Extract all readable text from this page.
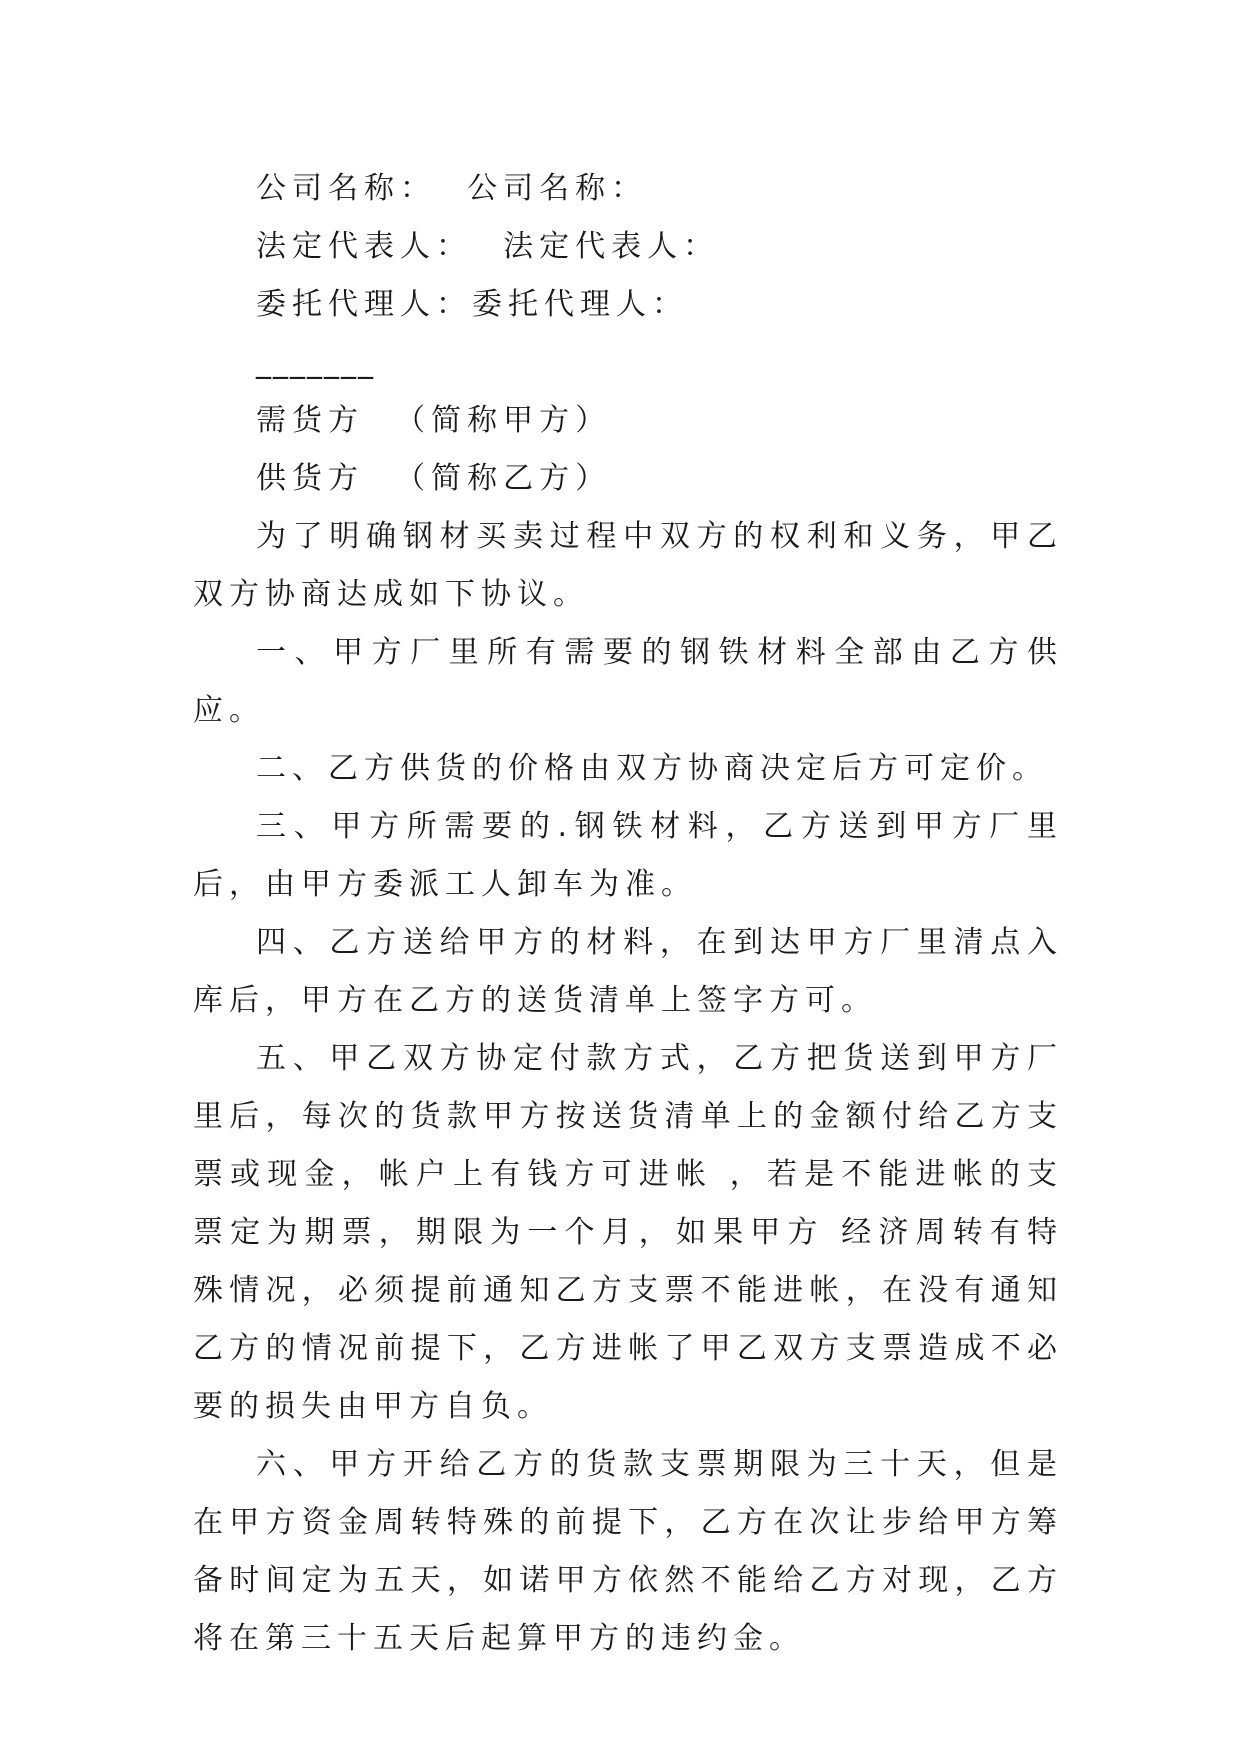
公司名称：  公司名称：
法定代表人：  法定代表人：
委托代理人：委托代理人：
_______
需货方  （简称甲方）
供货方  （简称乙方）

为了明确钢材买卖过程中双方的权利和义务，甲乙双方协商达成如下协议。

一、甲方厂里所有需要的钢铁材料全部由乙方供应。

二、乙方供货的价格由双方协商决定后方可定价。

三、甲方所需要的.钢铁材料，乙方送到甲方厂里后，由甲方委派工人卸车为准。

四、乙方送给甲方的材料，在到达甲方厂里清点入库后，甲方在乙方的送货清单上签字方可。

五、甲乙双方协定付款方式，乙方把货送到甲方厂里后，每次的货款甲方按送货清单上的金额付给乙方支票或现金，帐户上有钱方可进帐 ，若是不能进帐的支票定为期票，期限为一个月，如果甲方 经济周转有特殊情况，必须提前通知乙方支票不能进帐，在没有通知乙方的情况前提下，乙方进帐了甲乙双方支票造成不必要的损失由甲方自负。

六、甲方开给乙方的货款支票期限为三十天，但是在甲方资金周转特殊的前提下，乙方在次让步给甲方筹备时间定为五天，如诺甲方依然不能给乙方对现，乙方将在第三十五天后起算甲方的违约金。
